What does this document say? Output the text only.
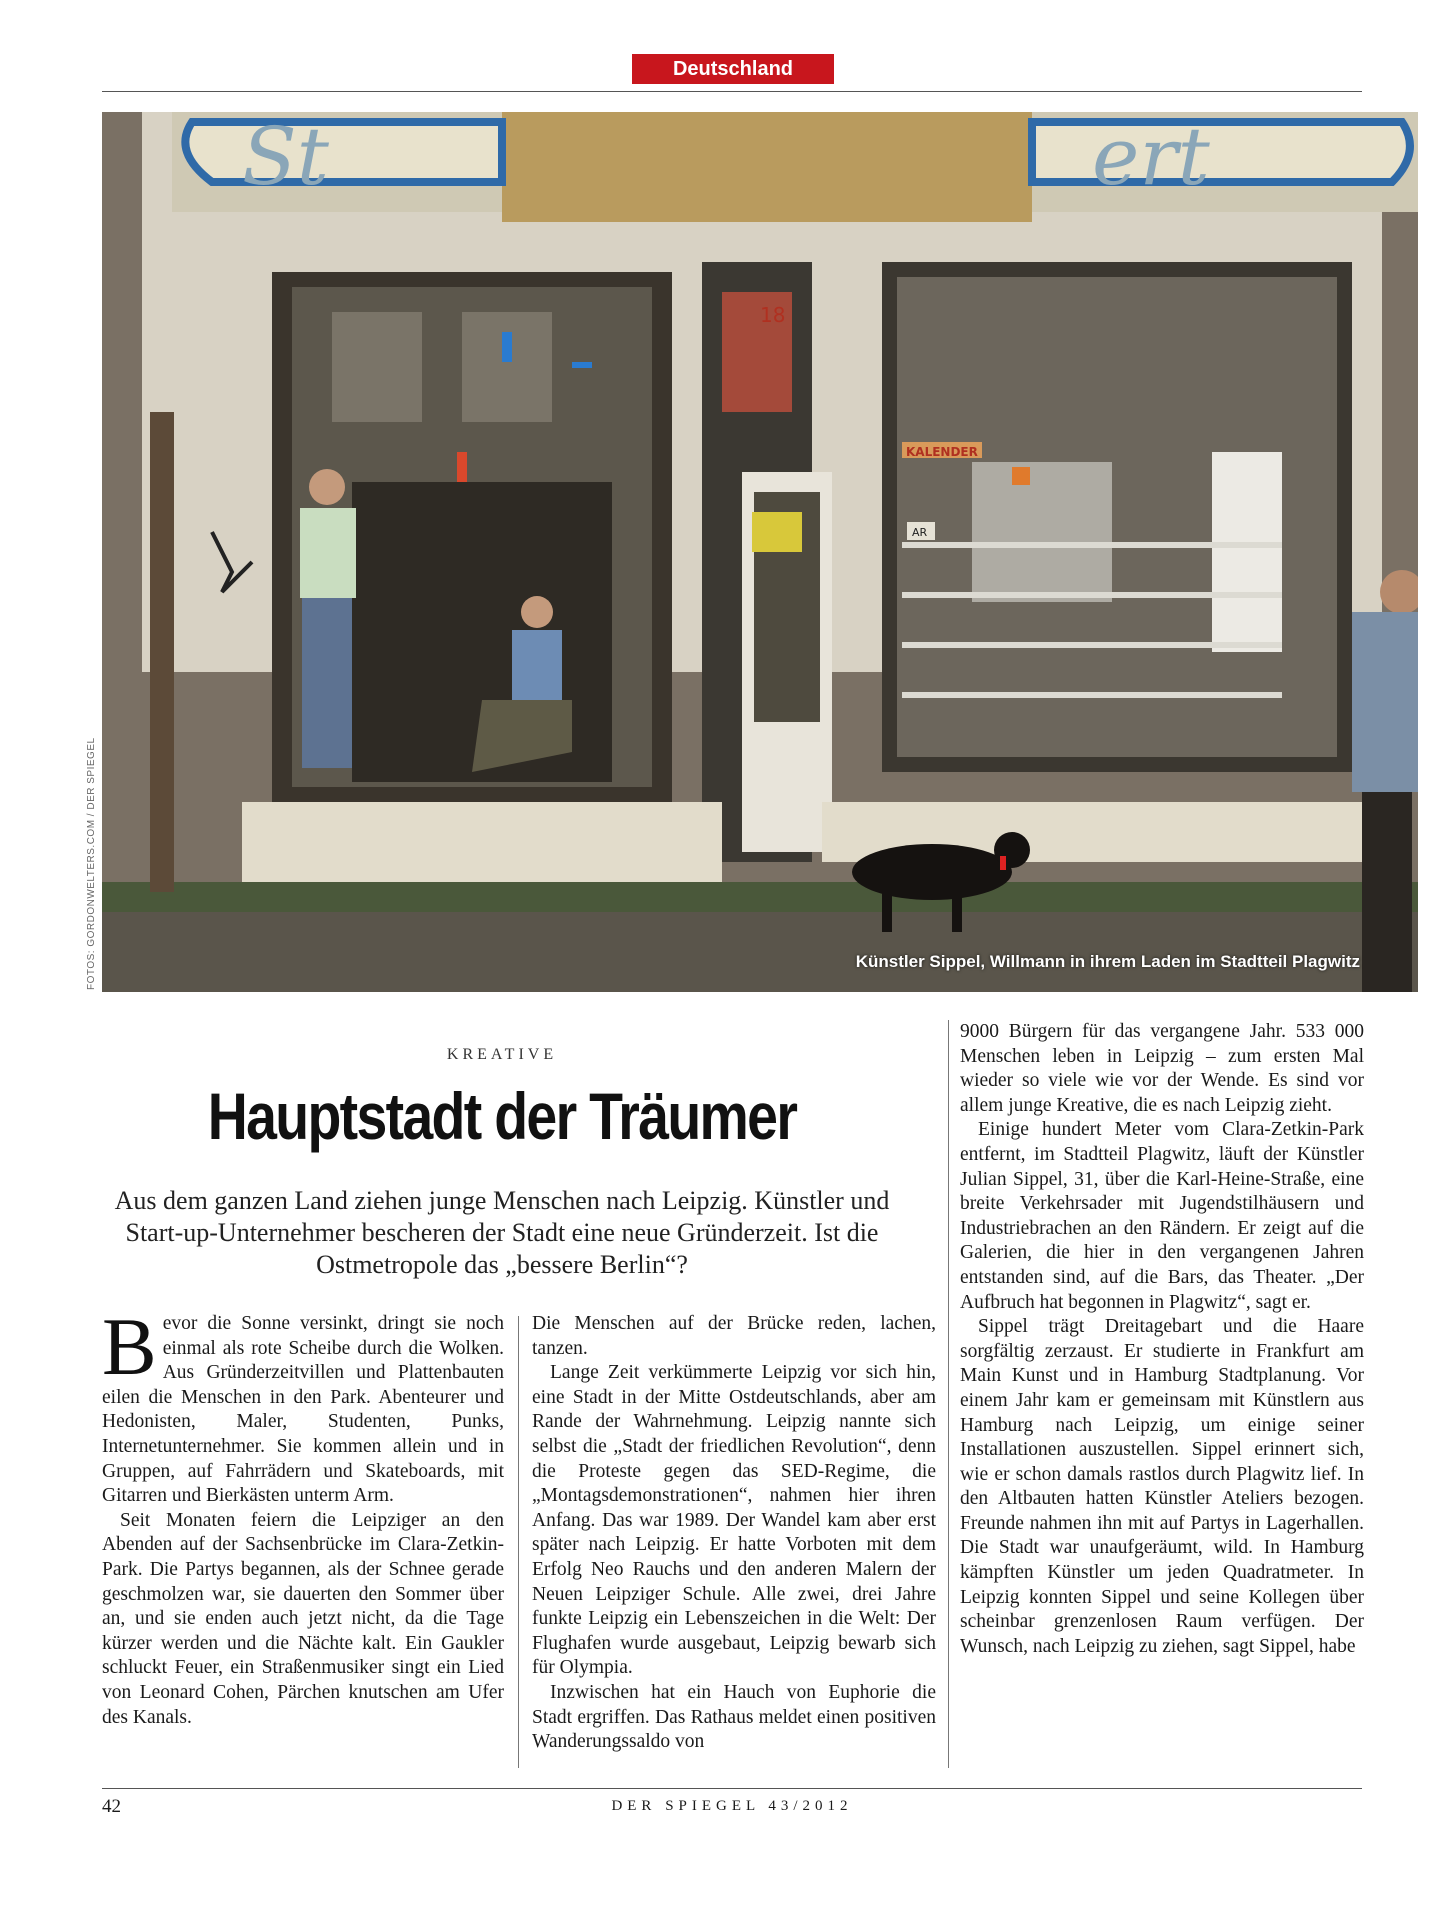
Deutschland
St	ert
18
KALENDER
AR
Künstler Sippel, Willmann in ihrem Laden im Stadtteil Plagwitz
FOTOS: GORDONWELTERS.COM / DER SPIEGEL
KREATIVE
Hauptstadt der Träumer
Aus dem ganzen Land ziehen junge Menschen nach Leipzig. Künstler und Start-up-Unternehmer bescheren der Stadt eine neue Gründerzeit. Ist die Ostmetropole das „bessere Berlin“?

Bevor die Sonne versinkt, dringt sie noch einmal als rote Scheibe durch die Wolken. Aus Gründerzeitvillen und Plattenbauten eilen die Menschen in den Park. Abenteurer und Hedonisten, Maler, Studenten, Punks, Internetunternehmer. Sie kommen allein und in Gruppen, auf Fahrrädern und Skateboards, mit Gitarren und Bierkästen unterm Arm.

Seit Monaten feiern die Leipziger an den Abenden auf der Sachsenbrücke im Clara-Zetkin-Park. Die Partys begannen, als der Schnee gerade geschmolzen war, sie dauerten den Sommer über an, und sie enden auch jetzt nicht, da die Tage kürzer werden und die Nächte kalt. Ein Gaukler schluckt Feuer, ein Straßenmusiker singt ein Lied von Leonard Cohen, Pärchen knutschen am Ufer des Kanals.

Die Menschen auf der Brücke reden, lachen, tanzen.

Lange Zeit verkümmerte Leipzig vor sich hin, eine Stadt in der Mitte Ostdeutschlands, aber am Rande der Wahrnehmung. Leipzig nannte sich selbst die „Stadt der friedlichen Revolution“, denn die Proteste gegen das SED-Regime, die „Montagsdemonstrationen“, nahmen hier ihren Anfang. Das war 1989. Der Wandel kam aber erst später nach Leipzig. Er hatte Vorboten mit dem Erfolg Neo Rauchs und den anderen Malern der Neuen Leipziger Schule. Alle zwei, drei Jahre funkte Leipzig ein Lebenszeichen in die Welt: Der Flughafen wurde ausgebaut, Leipzig bewarb sich für Olympia.

Inzwischen hat ein Hauch von Euphorie die Stadt ergriffen. Das Rathaus meldet einen positiven Wanderungssaldo von

9000 Bürgern für das vergangene Jahr. 533 000 Menschen leben in Leipzig – zum ersten Mal wieder so viele wie vor der Wende. Es sind vor allem junge Kreative, die es nach Leipzig zieht.

Einige hundert Meter vom Clara-Zetkin-Park entfernt, im Stadtteil Plagwitz, läuft der Künstler Julian Sippel, 31, über die Karl-Heine-Straße, eine breite Verkehrsader mit Jugendstilhäusern und Industriebrachen an den Rändern. Er zeigt auf die Galerien, die hier in den vergangenen Jahren entstanden sind, auf die Bars, das Theater. „Der Aufbruch hat begonnen in Plagwitz“, sagt er.

Sippel trägt Dreitagebart und die Haare sorgfältig zerzaust. Er studierte in Frankfurt am Main Kunst und in Hamburg Stadtplanung. Vor einem Jahr kam er gemeinsam mit Künstlern aus Hamburg nach Leipzig, um einige seiner Installationen auszustellen. Sippel erinnert sich, wie er schon damals rastlos durch Plagwitz lief. In den Altbauten hatten Künstler Ateliers bezogen. Freunde nahmen ihn mit auf Partys in Lagerhallen. Die Stadt war unaufgeräumt, wild. In Hamburg kämpften Künstler um jeden Quadratmeter. In Leipzig konnten Sippel und seine Kollegen über scheinbar grenzenlosen Raum verfügen. Der Wunsch, nach Leipzig zu ziehen, sagt Sippel, habe

42	DER SPIEGEL 43/2012
